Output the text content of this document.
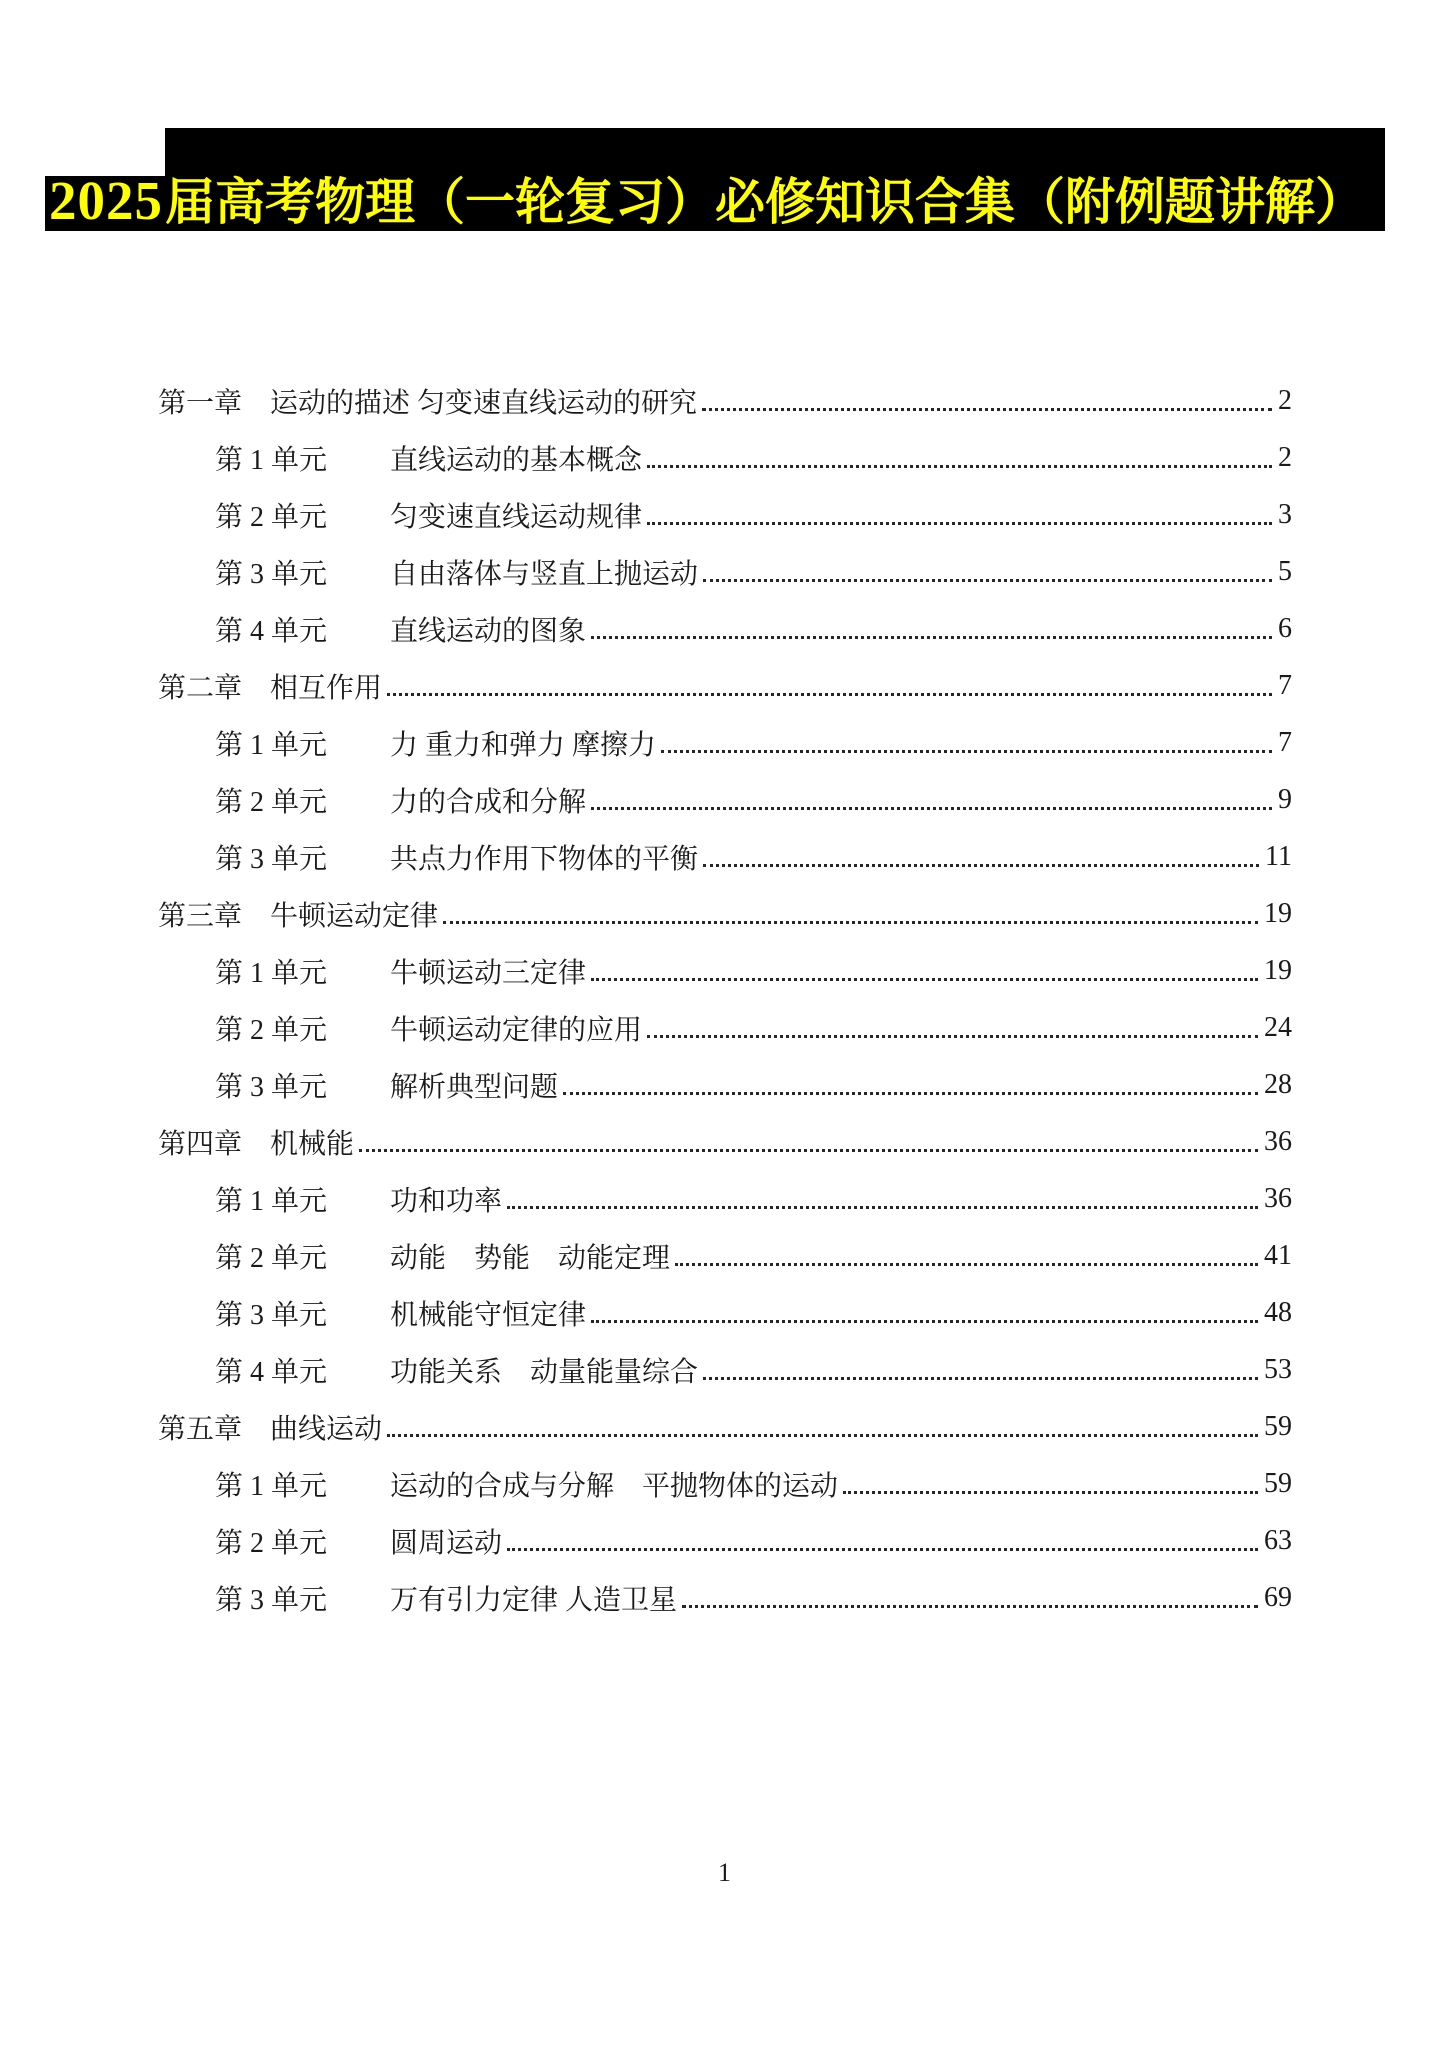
2025 届高考物理（一轮复习）必修知识合集（附例题讲解）
第一章 运动的描述 匀变速直线运动的研究	2
第 1 单元	直线运动的基本概念	2
第 2 单元	匀变速直线运动规律	3
第 3 单元	自由落体与竖直上抛运动	5
第 4 单元	直线运动的图象	6
第二章 相互作用	7
第 1 单元	力 重力和弹力 摩擦力	7
第 2 单元	力的合成和分解	9
第 3 单元	共点力作用下物体的平衡	11
第三章 牛顿运动定律	19
第 1 单元	牛顿运动三定律	19
第 2 单元	牛顿运动定律的应用	24
第 3 单元	解析典型问题	28
第四章 机械能	36
第 1 单元	功和功率	36
第 2 单元	动能　势能　动能定理	41
第 3 单元	机械能守恒定律	48
第 4 单元	功能关系　动量能量综合	53
第五章 曲线运动	59
第 1 单元	运动的合成与分解　平抛物体的运动	59
第 2 单元	圆周运动	63
第 3 单元	万有引力定律 人造卫星	69
1
